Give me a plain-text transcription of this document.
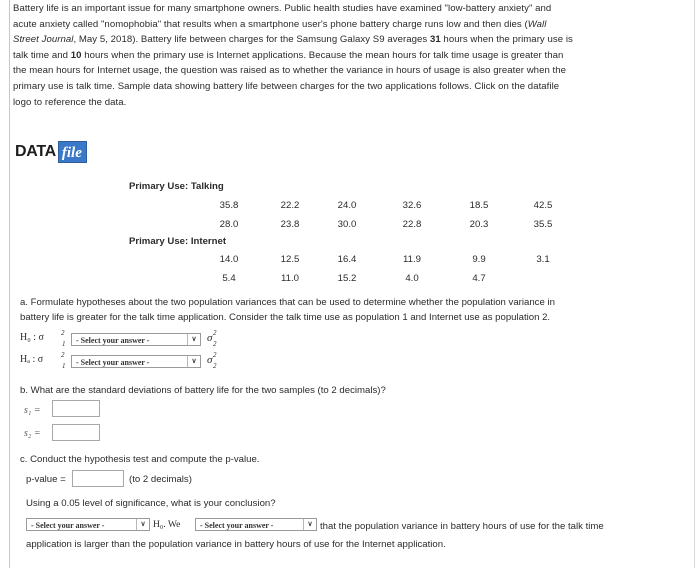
Battery life is an important issue for many smartphone owners. Public health studies have examined "low-battery anxiety" and
acute anxiety called "nomophobia" that results when a smartphone user's phone battery charge runs low and then dies (Wall
Street Journal, May 5, 2018). Battery life between charges for the Samsung Galaxy S9 averages 31 hours when the primary use is
talk time and 10 hours when the primary use is Internet applications. Because the mean hours for talk time usage is greater than
the mean hours for Internet usage, the question was raised as to whether the variance in hours of usage is also greater when the
primary use is talk time. Sample data showing battery life between charges for the two applications follows. Click on the datafile
logo to reference the data.
DATA file
Primary Use: Talking
Primary Use: Internet
35.8	22.2	24.0	32.6	18.5	42.5
28.0	23.8	30.0	22.8	20.3	35.5
14.0	12.5	16.4	11.9	9.9	3.1
5.4	11.0	15.2	4.0	4.7
a. Formulate hypotheses about the two population variances that can be used to determine whether the population variance in
battery life is greater for the talk time application. Consider the talk time use as population 1 and Internet use as population 2.
H₀ : σ
1
2
- Select your answer -	∨ σ 2
2
Hₐ : σ
1
2
- Select your answer -	∨ σ 2
2
b. What are the standard deviations of battery life for the two samples (to 2 decimals)?
s₁ =
s₂ =
c. Conduct the hypothesis test and compute the p-value.
p-value =	(to 2 decimals)
Using a 0.05 level of significance, what is your conclusion?
- Select your answer -	∨ H₀. We	- Select your answer -	∨ that the population variance in battery hours of use for the talk time
application is larger than the population variance in battery hours of use for the Internet application.
